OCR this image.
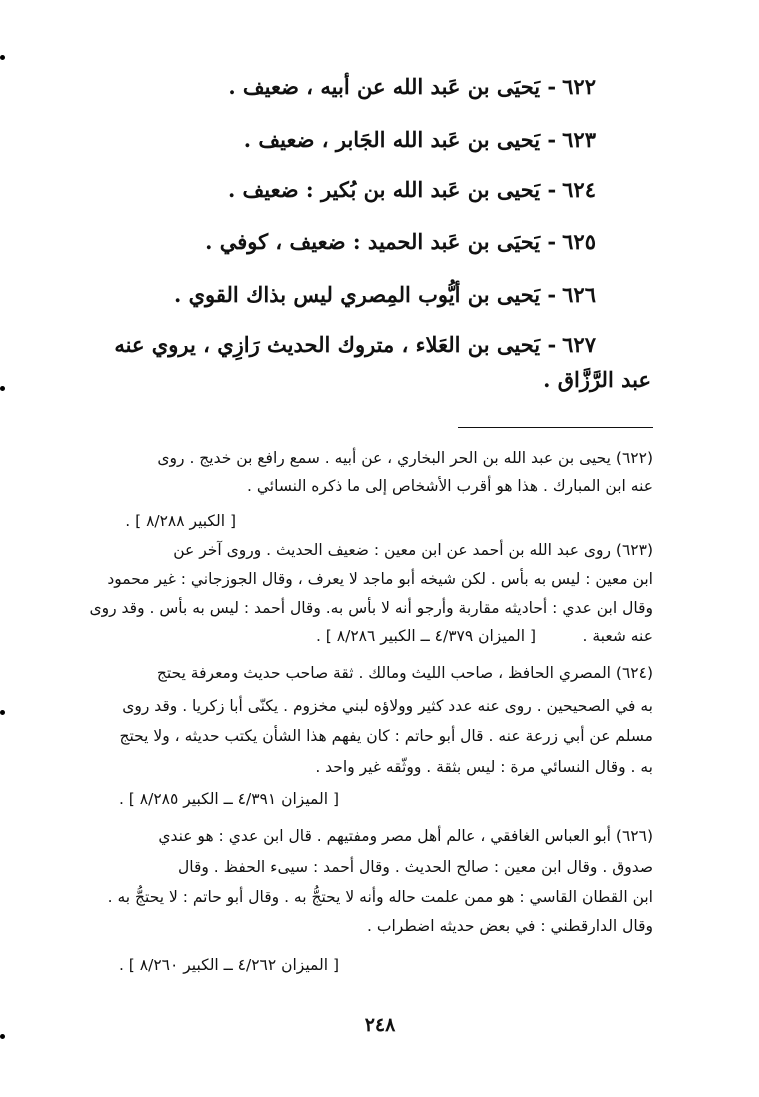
٦٢٢- يَحيَى بن عَبد الله عن أبيه ، ضعيف .
٦٢٣- يَحيى بن عَبد الله الجَابر ، ضعيف .
٦٢٤- يَحيى بن عَبد الله بن بُكير : ضعيف .
٦٢٥- يَحيَى بن عَبد الحميد : ضعيف ، كوفي .
٦٢٦- يَحيى بن أيُّوب المِصري ليس بذاك القوي .
٦٢٧- يَحيى بن العَلاء ، متروك الحديث رَازِي ، يروي عنه
عبد الرَّزَّاق .
(٦٢٢) يحيى بن عبد الله بن الحر البخاري ، عن أبيه . سمع رافع بن خديج . روى
عنه ابن المبارك . هذا هو أقرب الأشخاص إلى ما ذكره النسائي .
[ الكبير ٨/٢٨٨ ] .
(٦٢٣) روى عبد الله بن أحمد عن ابن معين : ضعيف الحديث . وروى آخر عن
ابن معين : ليس به بأس . لكن شيخه أبو ماجد لا يعرف ، وقال الجوزجاني : غير محمود
وقال ابن عدي : أحاديثه مقاربة وأرجو أنه لا بأس به. وقال أحمد : ليس به بأس . وقد روى
عنه شعبة .
[ الميزان ٤/٣٧٩ ــ الكبير ٨/٢٨٦ ] .
(٦٢٤) المصري الحافظ ، صاحب الليث ومالك . ثقة صاحب حديث ومعرفة يحتج
به في الصحيحين . روى عنه عدد كثير وولاؤه لبني مخزوم . يكنّى أبا زكريا . وقد روى
مسلم عن أبي زرعة عنه . قال أبو حاتم : كان يفهم هذا الشأن يكتب حديثه ، ولا يحتج
به . وقال النسائي مرة : ليس بثقة . ووثّقه غير واحد .
[ الميزان ٤/٣٩١ ــ الكبير ٨/٢٨٥ ] .
(٦٢٦) أبو العباس الغافقي ، عالم أهل مصر ومفتيهم . قال ابن عدي : هو عندي
صدوق . وقال ابن معين : صالح الحديث . وقال أحمد : سيىء الحفظ . وقال
ابن القطان القاسي : هو ممن علمت حاله وأنه لا يحتجُّ به . وقال أبو حاتم : لا يحتجُّ به .
وقال الدارقطني : في بعض حديثه اضطراب .
[ الميزان ٤/٢٦٢ ــ الكبير ٨/٢٦٠ ] .
٢٤٨
